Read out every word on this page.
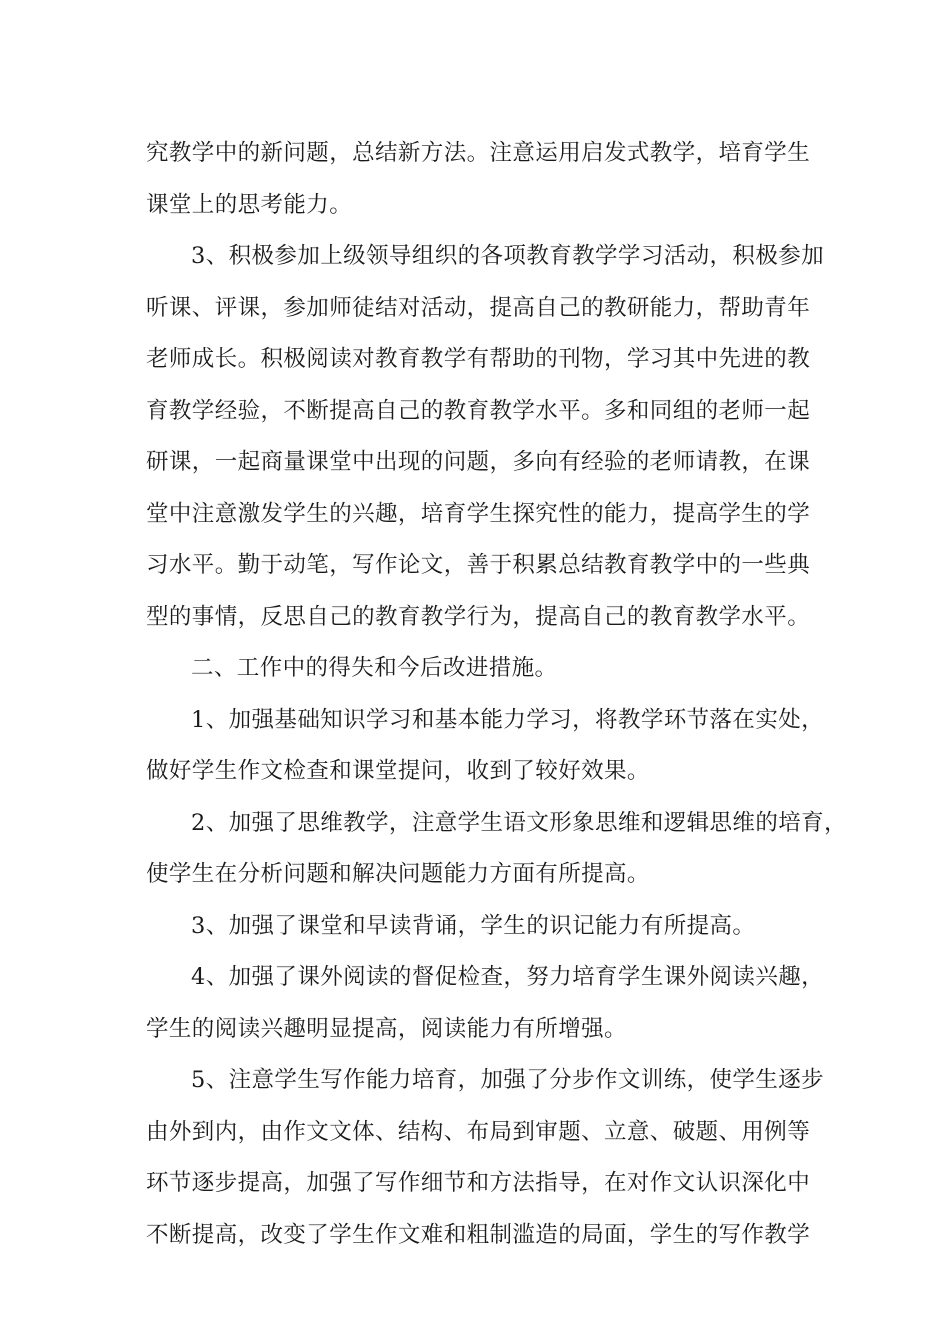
究教学中的新问题，总结新方法。注意运用启发式教学，培育学生
课堂上的思考能力。
3、积极参加上级领导组织的各项教育教学学习活动，积极参加
听课、评课，参加师徒结对活动，提高自己的教研能力，帮助青年
老师成长。积极阅读对教育教学有帮助的刊物，学习其中先进的教
育教学经验，不断提高自己的教育教学水平。多和同组的老师一起
研课，一起商量课堂中出现的问题，多向有经验的老师请教，在课
堂中注意激发学生的兴趣，培育学生探究性的能力，提高学生的学
习水平。勤于动笔，写作论文，善于积累总结教育教学中的一些典
型的事情，反思自己的教育教学行为，提高自己的教育教学水平。
二、工作中的得失和今后改进措施。
1、加强基础知识学习和基本能力学习，将教学环节落在实处，
做好学生作文检查和课堂提问，收到了较好效果。
2、加强了思维教学，注意学生语文形象思维和逻辑思维的培育，
使学生在分析问题和解决问题能力方面有所提高。
3、加强了课堂和早读背诵，学生的识记能力有所提高。
4、加强了课外阅读的督促检查，努力培育学生课外阅读兴趣，
学生的阅读兴趣明显提高，阅读能力有所增强。
5、注意学生写作能力培育，加强了分步作文训练，使学生逐步
由外到内，由作文文体、结构、布局到审题、立意、破题、用例等
环节逐步提高，加强了写作细节和方法指导，在对作文认识深化中
不断提高，改变了学生作文难和粗制滥造的局面，学生的写作教学
